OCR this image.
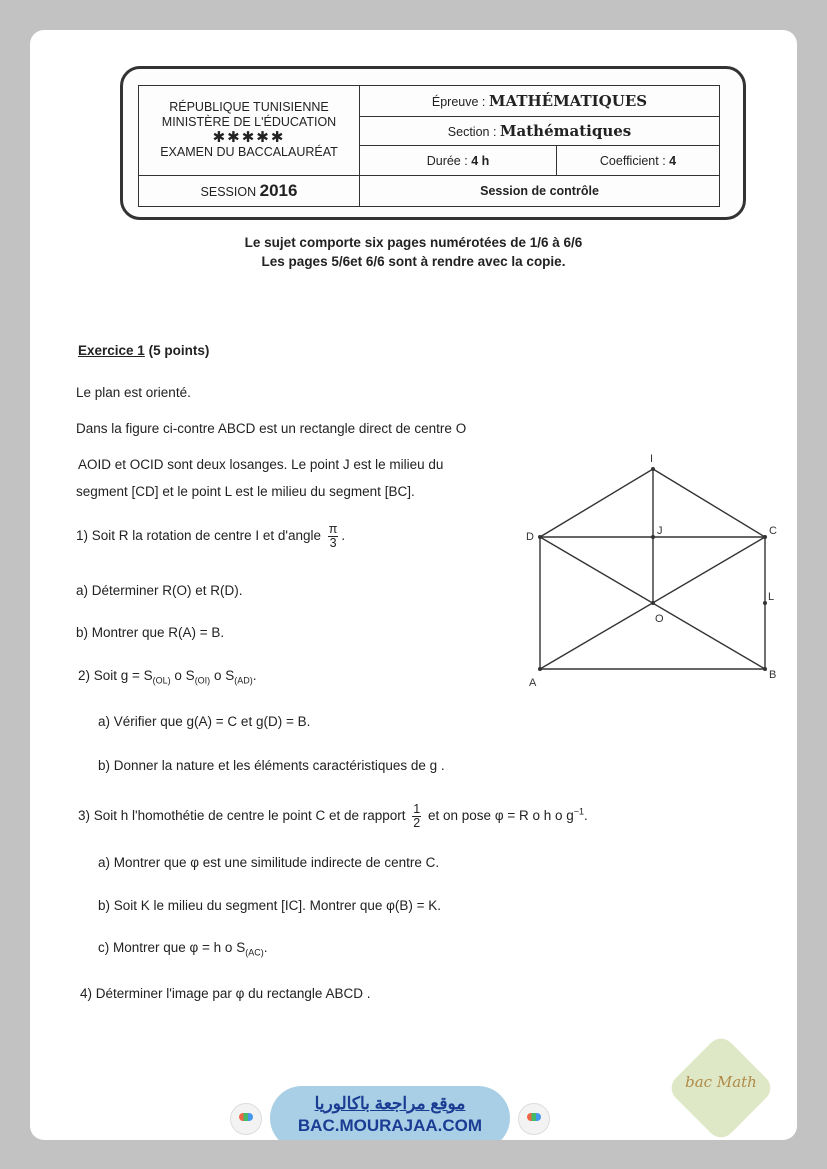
RÉPUBLIQUE TUNISIENNE
MINISTÈRE DE L'ÉDUCATION
✱✱✱✱✱
EXAMEN DU BACCALAURÉAT	Épreuve : MATHÉMATIQUES	
	Section : Mathématiques	
	Durée : 4 h	Coefficient : 4
SESSION 2016	Session de contrôle	
Le sujet comporte six pages numérotées de 1/6 à 6/6
Les pages 5/6et 6/6 sont à rendre avec la copie.
Exercice 1 (5 points)
Le plan est orienté.
Dans la figure ci-contre ABCD est un rectangle direct de centre O
AOID et OCID sont deux losanges. Le point J est le milieu du
segment [CD] et le point L est le milieu du segment [BC].
1) Soit R la rotation de centre I et d'angle $\frac{\pi}{3}$ .
a) Déterminer R(O) et R(D).
b) Montrer que R(A) = B.
2) Soit $g = S_{(OL)}$ o $S_{(OI)}$ o $S_{(AD)}$.
a) Vérifier que g(A) = C et g(D) = B.
b) Donner la nature et les éléments caractéristiques de g .
3) Soit h l'homothétie de centre le point C et de rapport $\frac{1}{2}$ et on pose φ = R o h o $g^{-1}$.
a) Montrer que φ est une similitude indirecte de centre C.
b) Soit K le milieu du segment [IC]. Montrer que φ(B) = K.
c) Montrer que φ = h o $S_{(AC)}$.
4) Déterminer l'image par φ du rectangle ABCD .
I
D	J	C
O
L
A
B
موقع مراجعة باكالوريا
BAC.MOURAJAA.COM
bac Math
